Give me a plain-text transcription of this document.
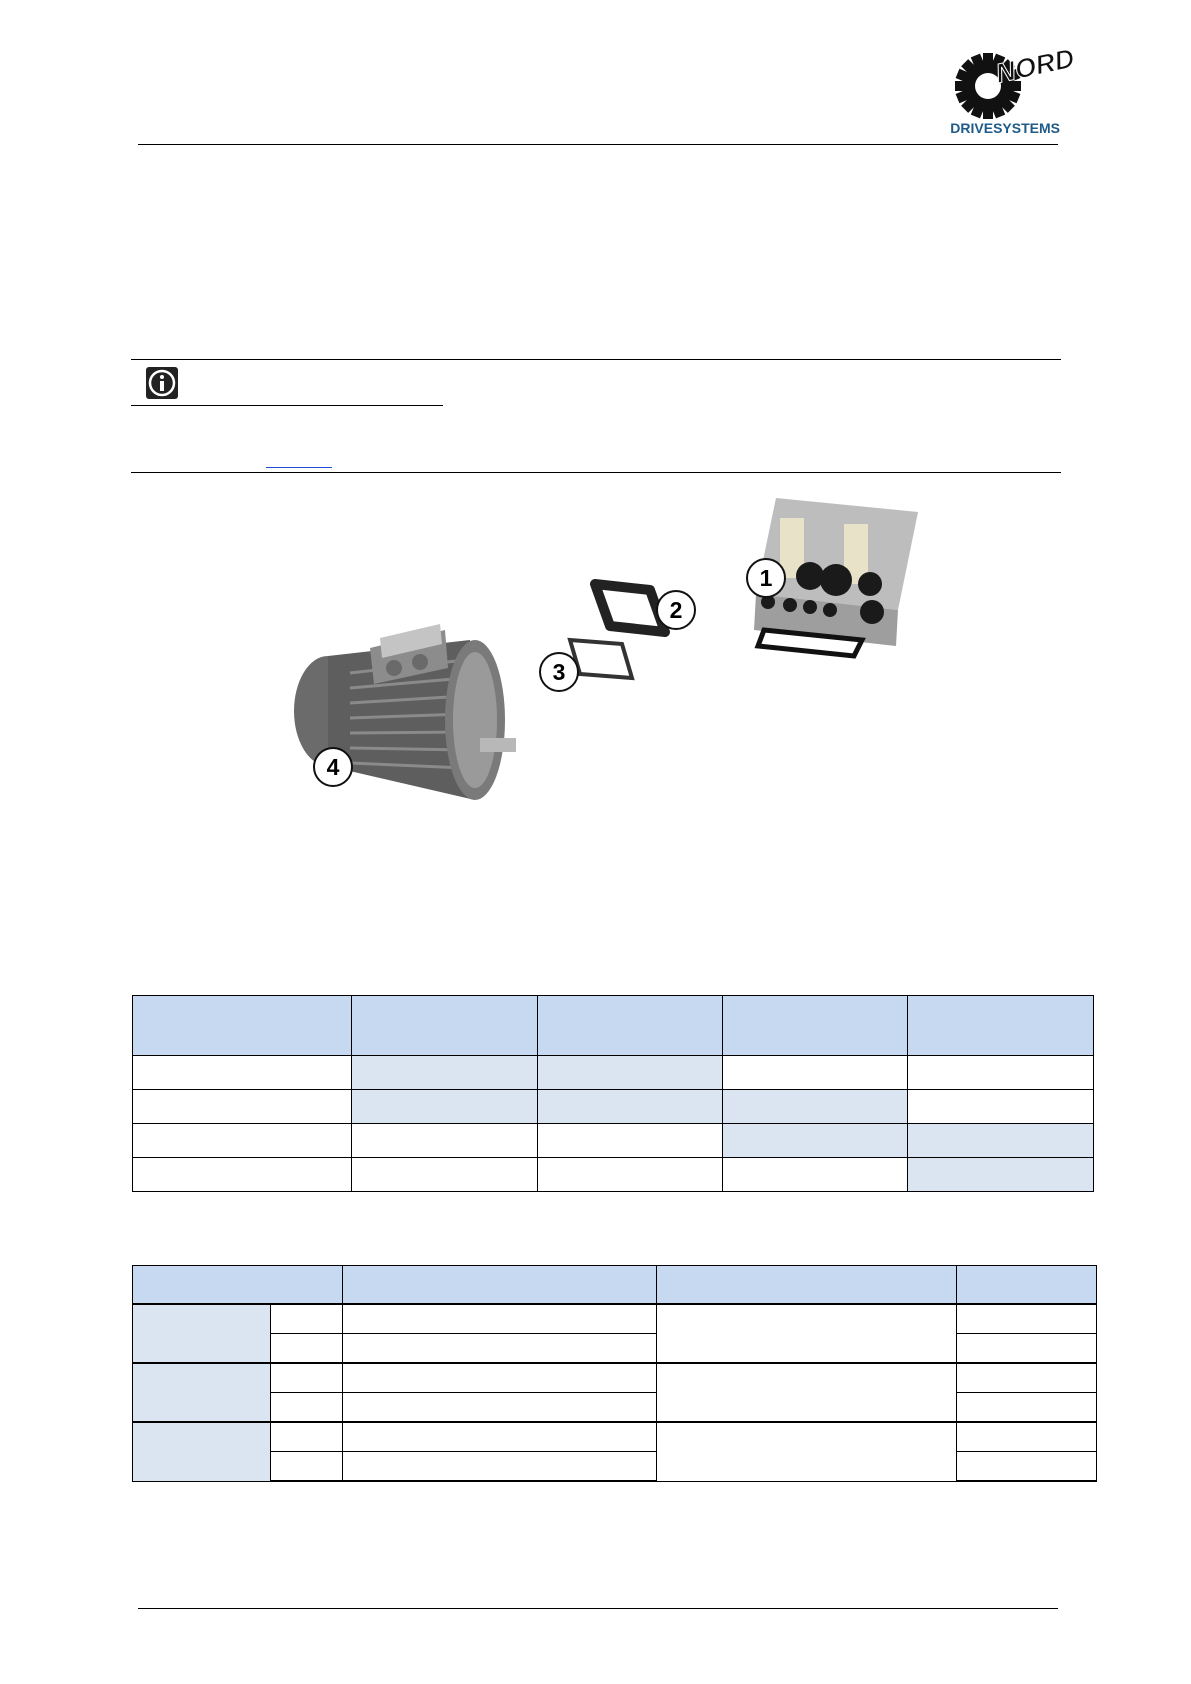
NORD
DRIVESYSTEMS
1
2
3
4
